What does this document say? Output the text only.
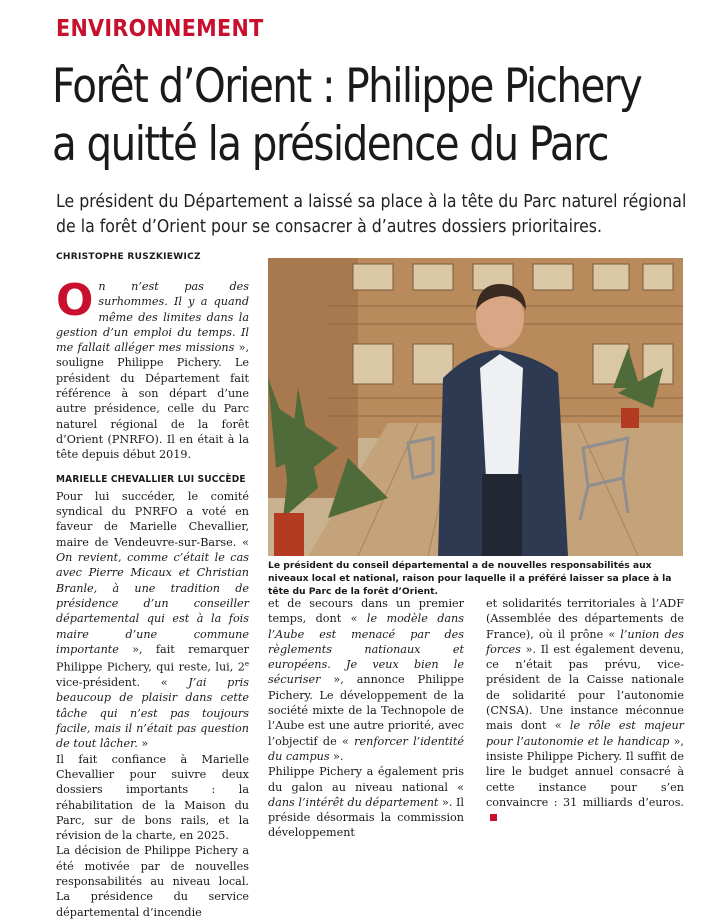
ENVIRONNEMENT
Forêt d’Orient : Philippe Pichery
a quitté la présidence du Parc

Le président du Département a laissé sa place à la tête du Parc naturel régional
de la forêt d’Orient pour se consacrer à d’autres dossiers prioritaires.

CHRISTOPHE RUSZKIEWICZ

On n’est pas des surhommes. Il y a quand même des limites dans la gestion d’un emploi du temps. Il me fallait alléger mes missions », souligne Philippe Pichery. Le président du Département fait référence à son départ d’une autre présidence, celle du Parc naturel régional de la forêt d’Orient (PNRFO). Il en était à la tête depuis début 2019.

MARIELLE CHEVALLIER LUI SUCCÈDE

Pour lui succéder, le comité syndical du PNRFO a voté en faveur de Marielle Chevallier, maire de Vendeuvre-sur-Barse. « On revient, comme c’était le cas avec Pierre Micaux et Christian Branle, à une tradition de présidence d’un conseiller départemental qui est à la fois maire d’une commune importante », fait remarquer Philippe Pichery, qui reste, lui, 2e vice-président. « J’ai pris beaucoup de plaisir dans cette tâche qui n’est pas toujours facile, mais il n’était pas question de tout lâcher. »

Il fait confiance à Marielle Chevallier pour suivre deux dossiers importants : la réhabilitation de la Maison du Parc, sur de bons rails, et la révision de la charte, en 2025.

La décision de Philippe Pichery a été motivée par de nouvelles responsabilités au niveau local. La présidence du service départemental d’incendie

Le président du conseil départemental a de nouvelles responsabilités aux niveaux local et national, raison pour laquelle il a préféré laisser sa place à la tête du Parc de la forêt d’Orient.

et de secours dans un premier temps, dont « le modèle dans l’Aube est menacé par des règlements nationaux et européens. Je veux bien le sécuriser », annonce Philippe Pichery. Le développement de la société mixte de la Technopole de l’Aube est une autre priorité, avec l’objectif de « renforcer l’identité du campus ».

Philippe Pichery a également pris du galon au niveau national « dans l’intérêt du département ». Il préside désormais la commission développement

et solidarités territoriales à l’ADF (Assemblée des départements de France), où il prône « l’union des forces ». Il est également devenu, ce n’était pas prévu, vice-président de la Caisse nationale de solidarité pour l’autonomie (CNSA). Une instance méconnue mais dont « le rôle est majeur pour l’autonomie et le handicap », insiste Philippe Pichery. Il suffit de lire le budget annuel consacré à cette instance pour s’en convaincre : 31 milliards d’euros.
